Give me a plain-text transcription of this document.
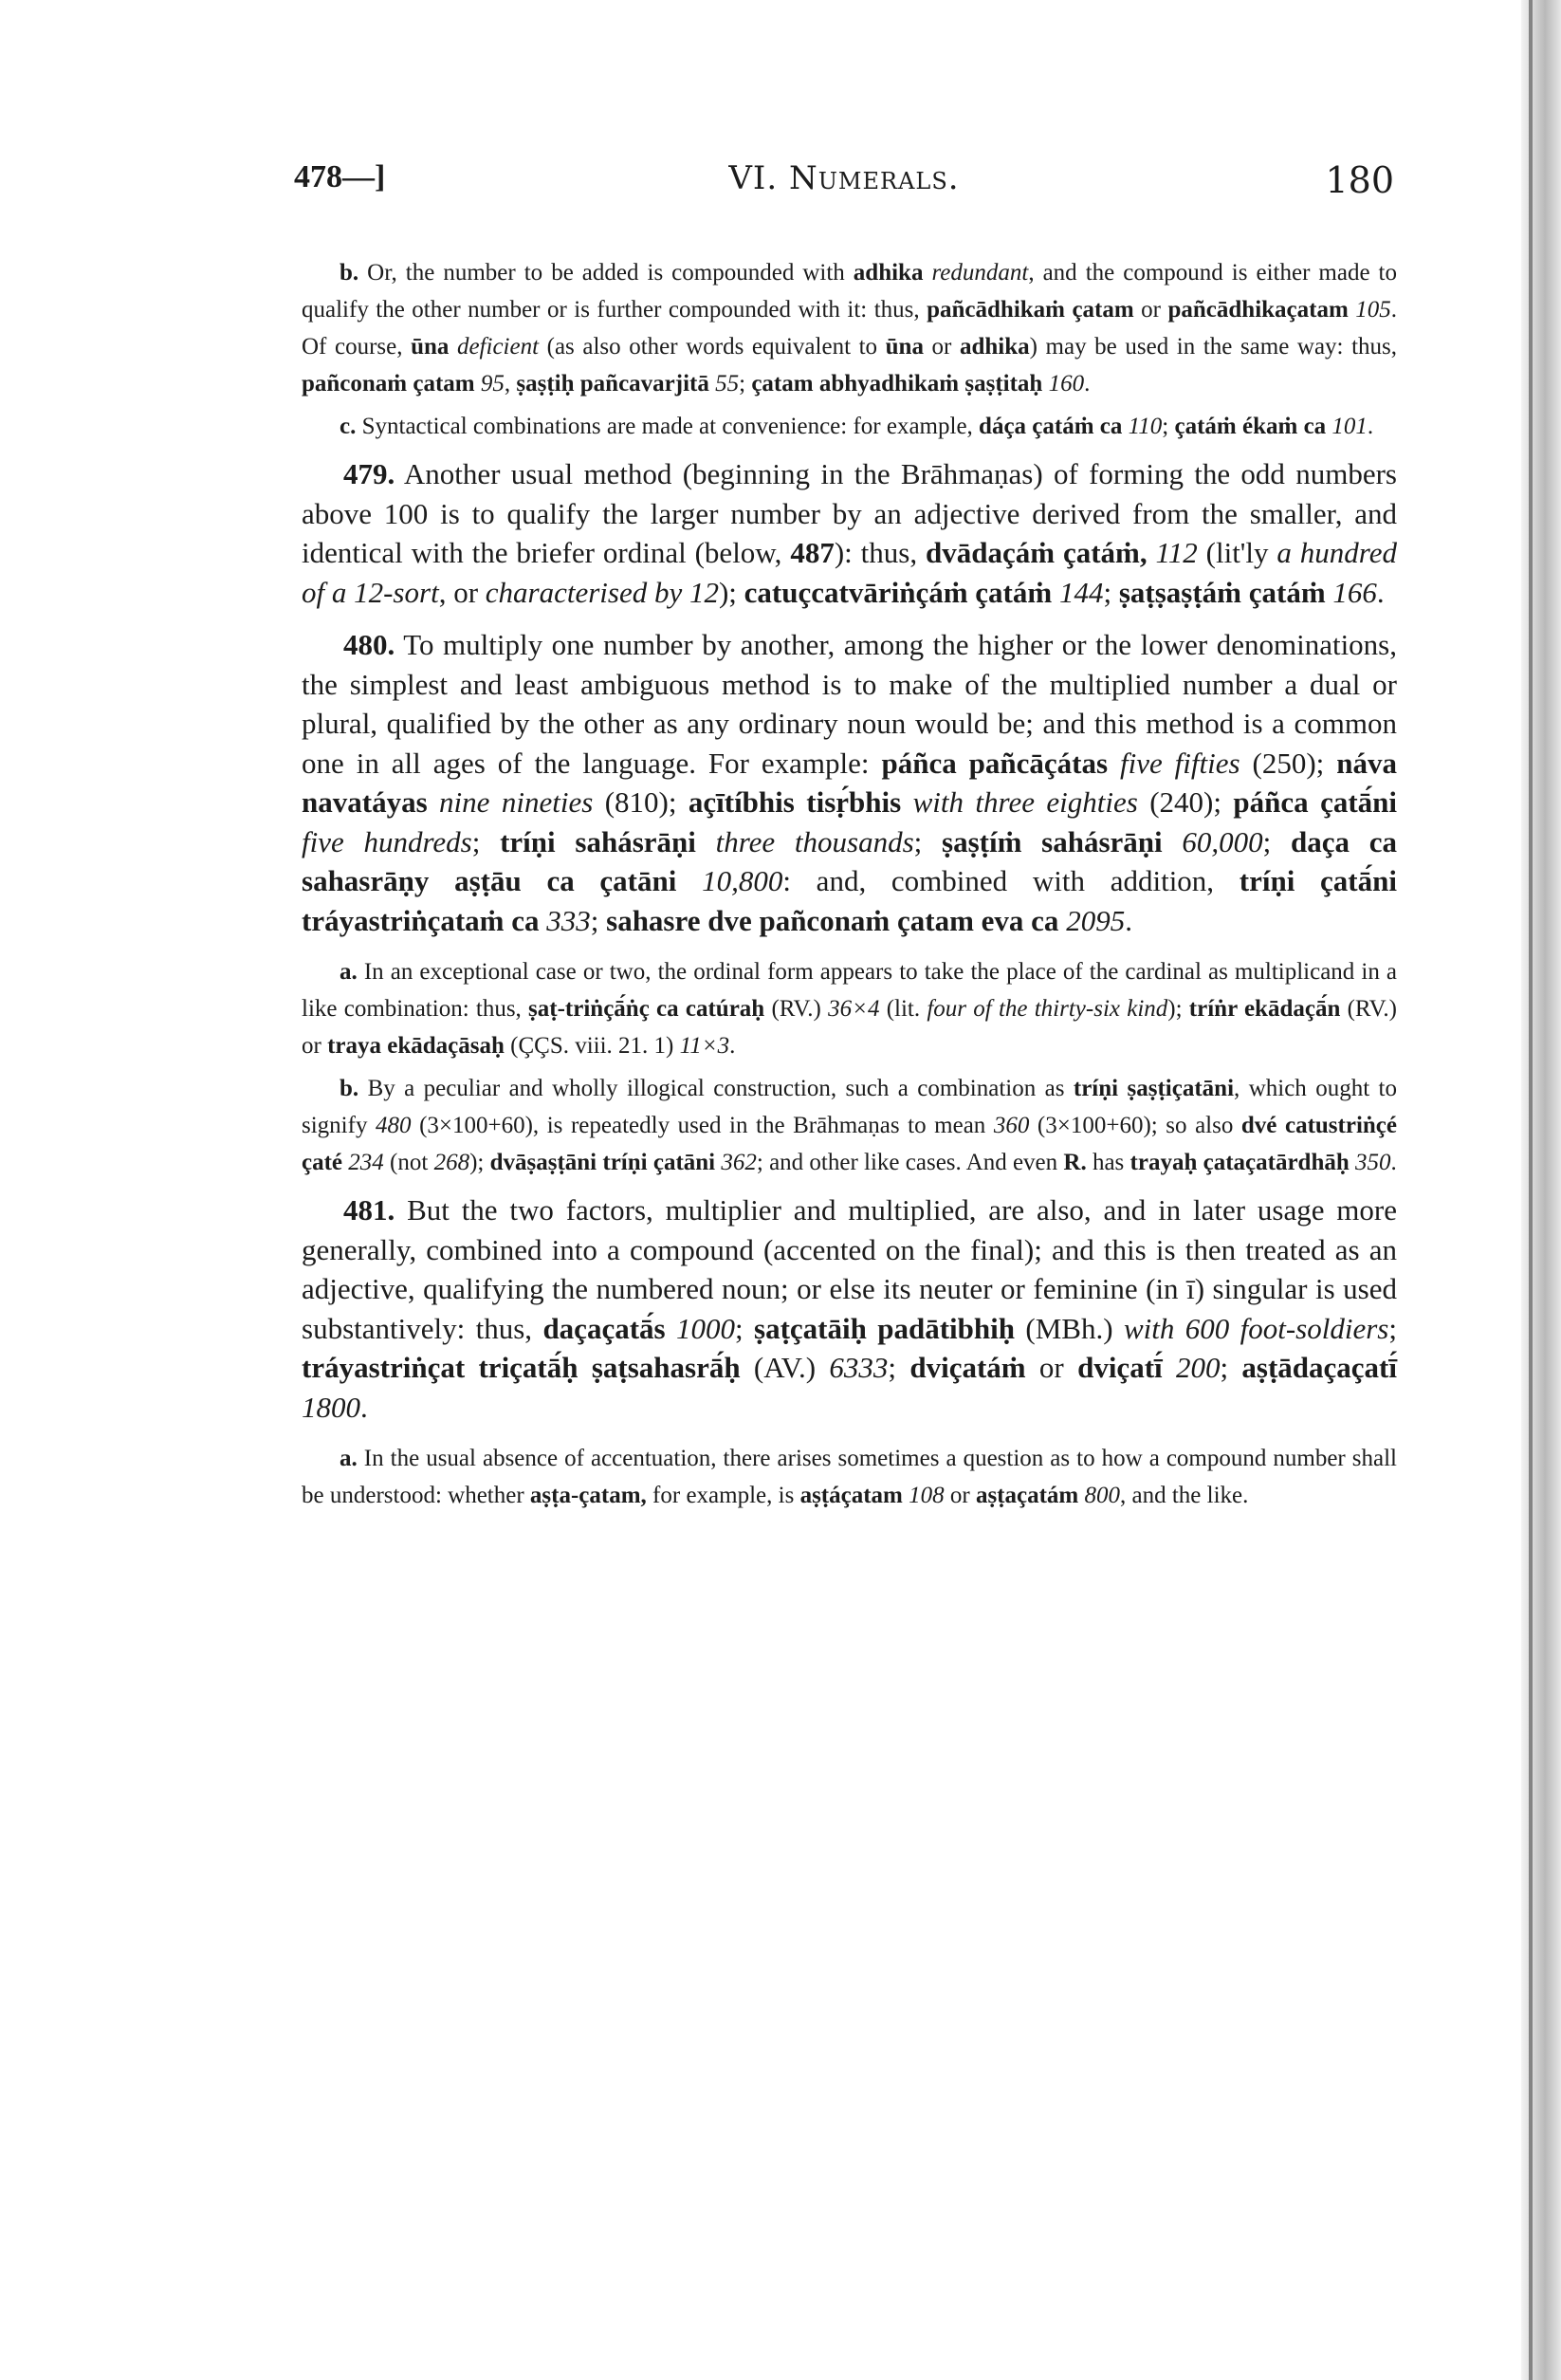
478—]	VI. Numerals.	180

b. Or, the number to be added is compounded with adhika redundant, and the compound is either made to qualify the other number or is further compounded with it: thus, pañcādhikaṁ çatam or pañcādhikaçatam 105. Of course, ūna deficient (as also other words equivalent to ūna or adhika) may be used in the same way: thus, pañconaṁ çatam 95, ṣaṣṭiḥ pañcavarjitā 55; çatam abhyadhikaṁ ṣaṣṭitaḥ 160.

c. Syntactical combinations are made at convenience: for example, dáça çatáṁ ca 110; çatáṁ ékaṁ ca 101.

479. Another usual method (beginning in the Brāhmaṇas) of forming the odd numbers above 100 is to qualify the larger number by an adjective derived from the smaller, and identical with the briefer ordinal (below, 487): thus, dvādaçáṁ çatáṁ, 112 (lit'ly a hundred of a 12-sort, or characterised by 12); catuçcatvāriṅçáṁ çatáṁ 144; ṣaṭṣaṣṭáṁ çatáṁ 166.

480. To multiply one number by another, among the higher or the lower denominations, the simplest and least ambiguous method is to make of the multiplied number a dual or plural, qualified by the other as any ordinary noun would be; and this method is a common one in all ages of the language. For example: páñca pañcāçátas five fifties (250); náva navatáyas nine nineties (810); açītíbhis tisṛ́bhis with three eighties (240); páñca çatā́ni five hundreds; tríṇi sahásrāṇi three thousands; ṣaṣṭíṁ sahásrāṇi 60,000; daça ca sahasrāṇy aṣṭāu ca çatāni 10,800: and, combined with addition, tríṇi çatā́ni tráyastriṅçataṁ ca 333; sahasre dve pañconaṁ çatam eva ca 2095.

a. In an exceptional case or two, the ordinal form appears to take the place of the cardinal as multiplicand in a like combination: thus, ṣaṭ-triṅçā́ṅç ca catúraḥ (RV.) 36×4 (lit. four of the thirty-six kind); tríṅr ekādaçā́n (RV.) or traya ekādaçāsaḥ (ÇÇS. viii. 21. 1) 11×3.

b. By a peculiar and wholly illogical construction, such a combination as tríṇi ṣaṣṭiçatāni, which ought to signify 480 (3×100+60), is repeatedly used in the Brāhmaṇas to mean 360 (3×100+60); so also dvé catustriṅçé çaté 234 (not 268); dvāṣaṣṭāni tríṇi çatāni 362; and other like cases. And even R. has trayaḥ çataçatārdhāḥ 350.

481. But the two factors, multiplier and multiplied, are also, and in later usage more generally, combined into a compound (accented on the final); and this is then treated as an adjective, qualifying the numbered noun; or else its neuter or feminine (in ī) singular is used substantively: thus, daçaçatā́s 1000; ṣaṭçatāiḥ padātibhiḥ (MBh.) with 600 foot-soldiers; tráyastriṅçat triçatā́ḥ ṣaṭsahasrā́ḥ (AV.) 6333; dviçatáṁ or dviçatī́ 200; aṣṭādaçaçatī́ 1800.

a. In the usual absence of accentuation, there arises sometimes a question as to how a compound number shall be understood: whether aṣṭa-çatam, for example, is aṣṭáçatam 108 or aṣṭaçatám 800, and the like.
